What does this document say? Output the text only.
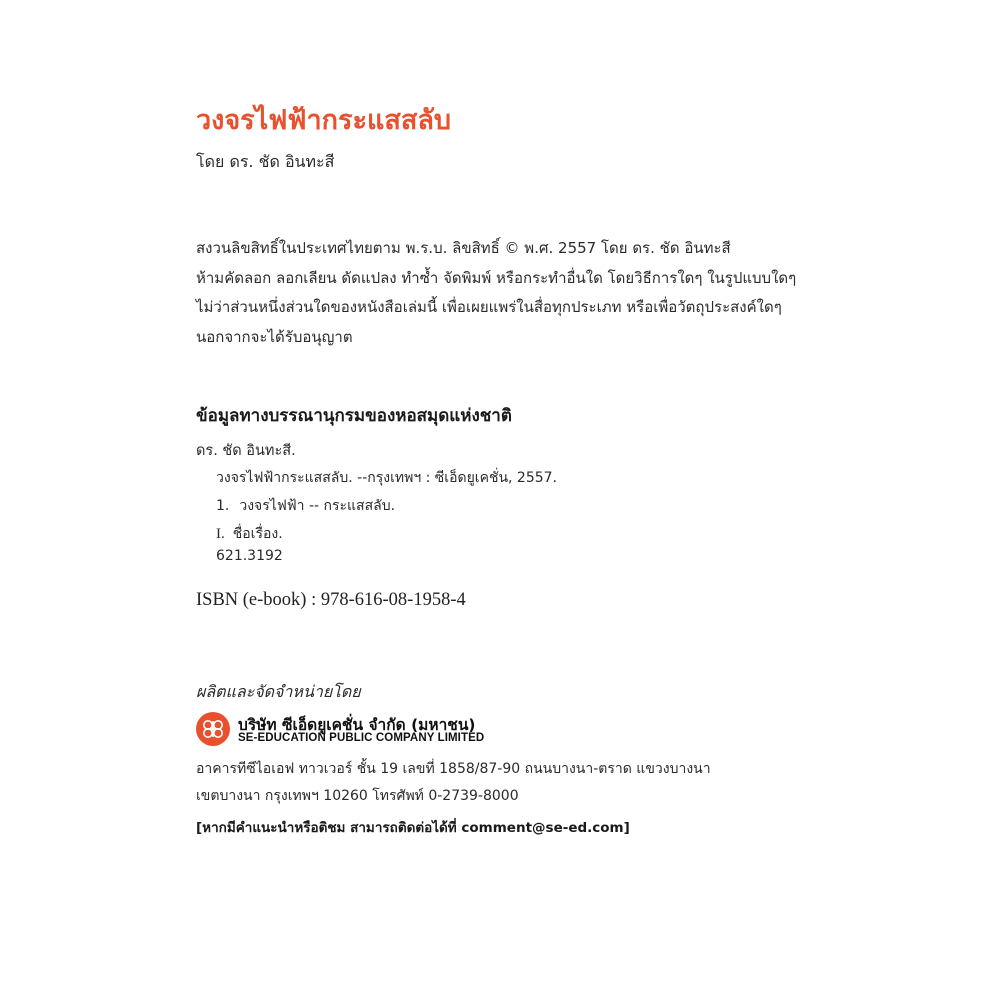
วงจรไฟฟ้ากระแสสลับ
โดย ดร. ชัด อินทะสี
สงวนลิขสิทธิ์ในประเทศไทยตาม พ.ร.บ. ลิขสิทธิ์ © พ.ศ. 2557 โดย ดร. ชัด อินทะสี
ห้ามคัดลอก ลอกเลียน ดัดแปลง ทำซ้ำ จัดพิมพ์ หรือกระทำอื่นใด โดยวิธีการใดๆ ในรูปแบบใดๆ
ไม่ว่าส่วนหนึ่งส่วนใดของหนังสือเล่มนี้ เพื่อเผยแพร่ในสื่อทุกประเภท หรือเพื่อวัตถุประสงค์ใดๆ
นอกจากจะได้รับอนุญาต
ข้อมูลทางบรรณานุกรมของหอสมุดแห่งชาติ
ดร. ชัด อินทะสี.
วงจรไฟฟ้ากระแสสลับ. --กรุงเทพฯ : ซีเอ็ดยูเคชั่น, 2557.
1. วงจรไฟฟ้า -- กระแสสลับ.
I. ชื่อเรื่อง.
621.3192
ISBN (e-book) : 978-616-08-1958-4
ผลิตและจัดจำหน่ายโดย
บริษัท ซีเอ็ดยูเคชั่น จำกัด (มหาชน)
SE-EDUCATION PUBLIC COMPANY LIMITED
อาคารทีซีไอเอฟ ทาวเวอร์ ชั้น 19 เลขที่ 1858/87-90 ถนนบางนา-ตราด แขวงบางนา
เขตบางนา กรุงเทพฯ 10260 โทรศัพท์ 0-2739-8000
[หากมีคำแนะนำหรือติชม สามารถติดต่อได้ที่ comment@se-ed.com]
